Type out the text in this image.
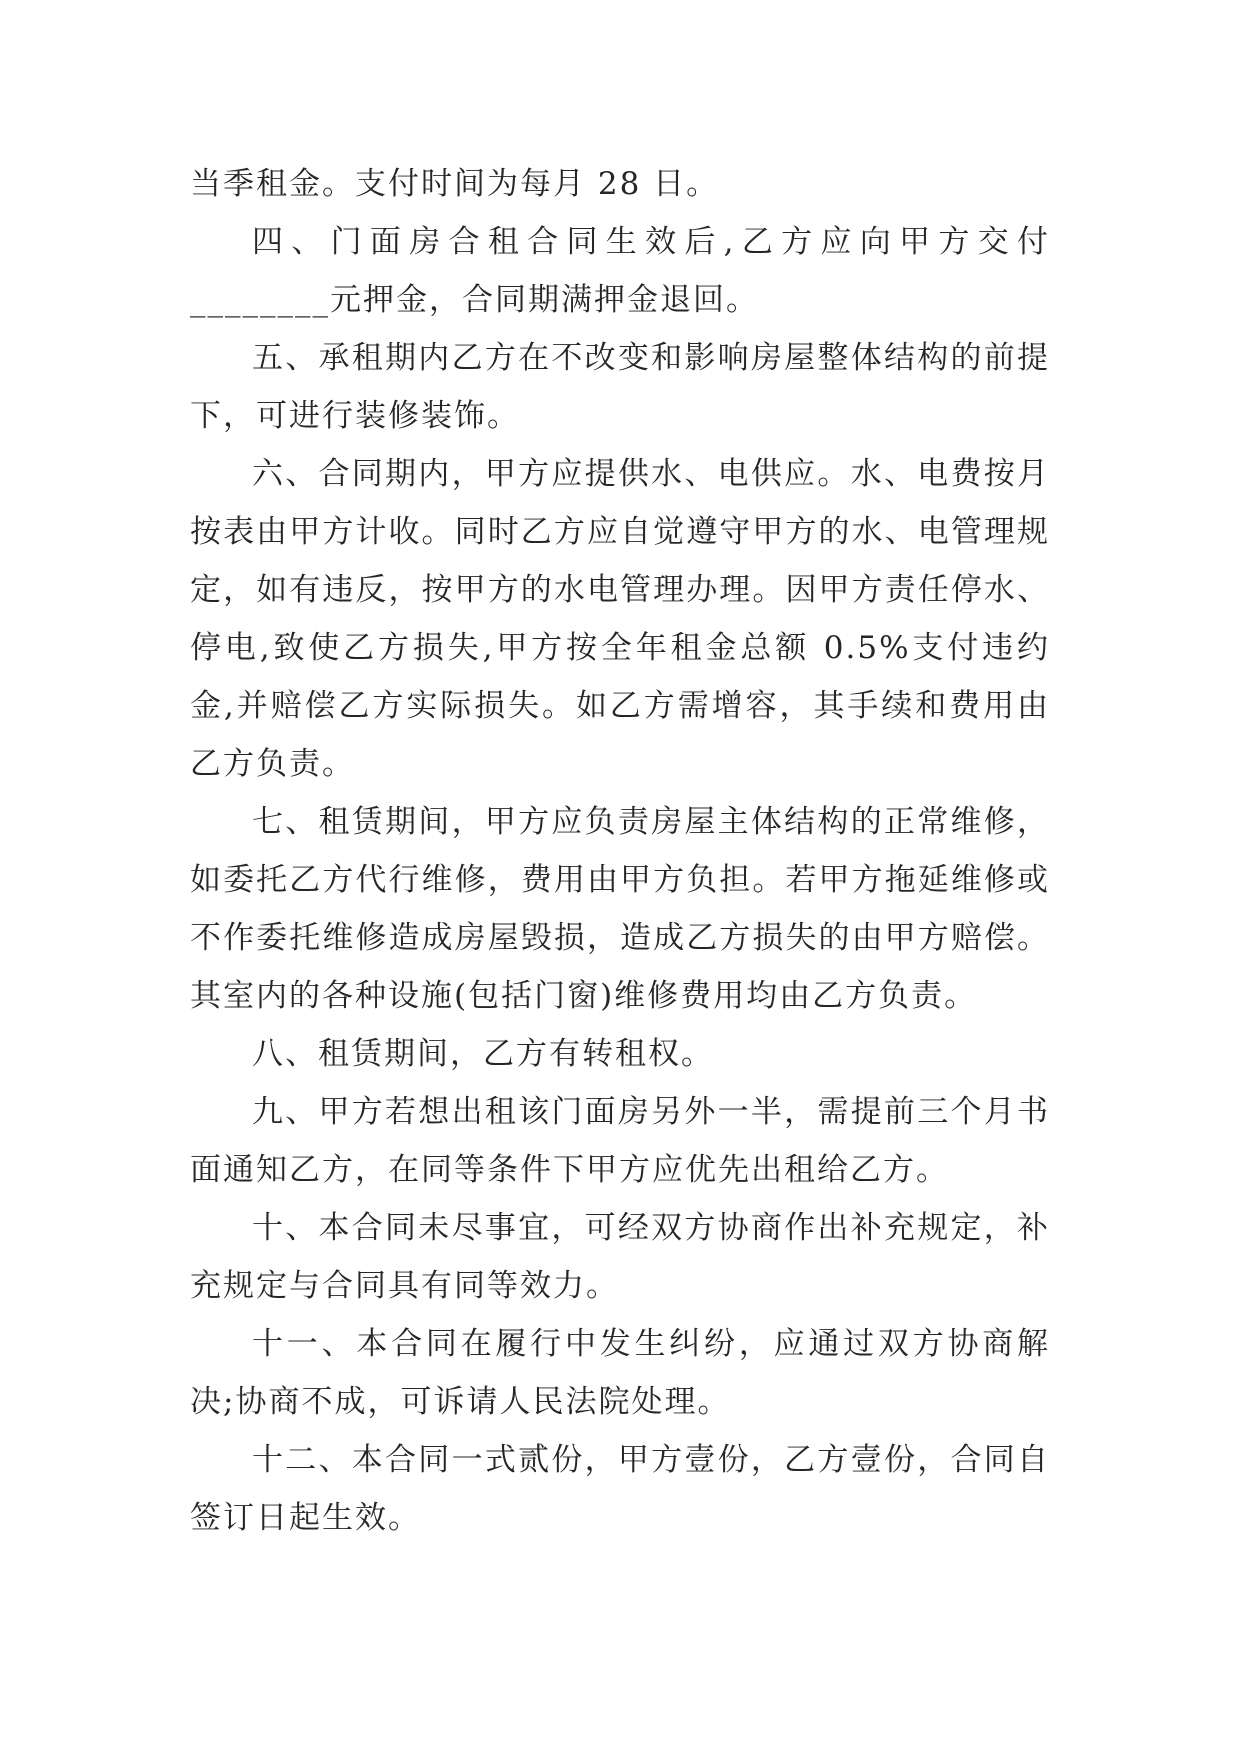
当季租金。支付时间为每月 28 日。

四、门面房合租合同生效后,乙方应向甲方交付________元押金，合同期满押金退回。

五、承租期内乙方在不改变和影响房屋整体结构的前提下，可进行装修装饰。

六、合同期内，甲方应提供水、电供应。水、电费按月按表由甲方计收。同时乙方应自觉遵守甲方的水、电管理规定，如有违反，按甲方的水电管理办理。因甲方责任停水、停电,致使乙方损失,甲方按全年租金总额 0.5%支付违约金,并赔偿乙方实际损失。如乙方需增容，其手续和费用由乙方负责。

七、租赁期间，甲方应负责房屋主体结构的正常维修，如委托乙方代行维修，费用由甲方负担。若甲方拖延维修或不作委托维修造成房屋毁损，造成乙方损失的由甲方赔偿。其室内的各种设施(包括门窗)维修费用均由乙方负责。

八、租赁期间，乙方有转租权。

九、甲方若想出租该门面房另外一半，需提前三个月书面通知乙方，在同等条件下甲方应优先出租给乙方。

十、本合同未尽事宜，可经双方协商作出补充规定，补充规定与合同具有同等效力。

十一、本合同在履行中发生纠纷，应通过双方协商解决;协商不成，可诉请人民法院处理。

十二、本合同一式贰份，甲方壹份，乙方壹份，合同自签订日起生效。
